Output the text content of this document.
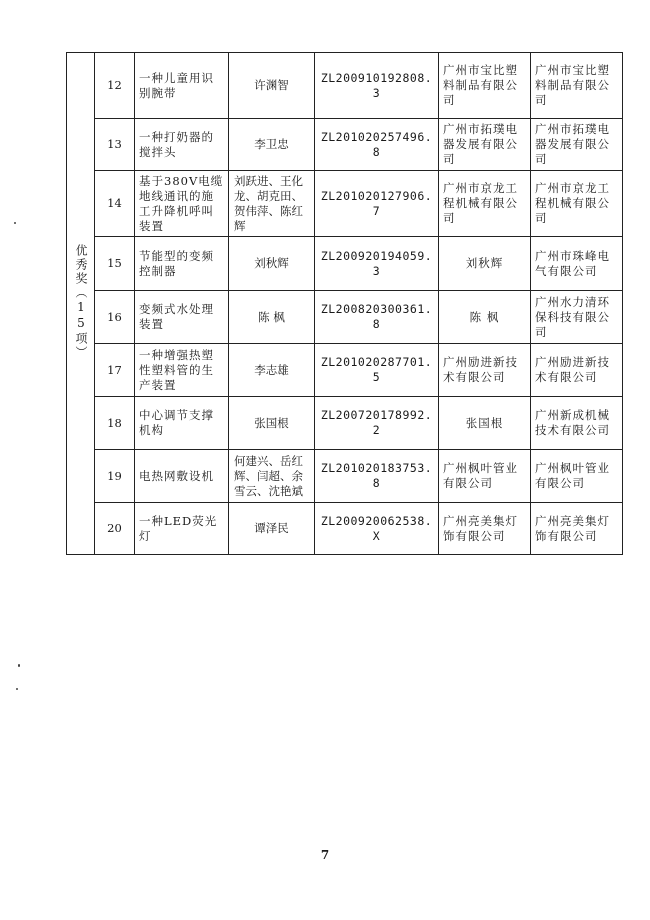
优秀奖（15项）	12	一种儿童用识别腕带	许渊智	ZL200910192808.3	广州市宝比塑料制品有限公司	广州市宝比塑料制品有限公司
	13	一种打奶器的搅拌头	李卫忠	ZL201020257496.8	广州市拓璞电器发展有限公司	广州市拓璞电器发展有限公司
	14	基于380V电缆地线通讯的施工升降机呼叫装置	刘跃进、王化龙、胡克田、贺伟萍、陈红辉	ZL201020127906.7	广州市京龙工程机械有限公司	广州市京龙工程机械有限公司
	15	节能型的变频控制器	刘秋辉	ZL200920194059.3	刘秋辉	广州市珠峰电气有限公司
	16	变频式水处理装置	陈 枫	ZL200820300361.8	陈 枫	广州水力清环保科技有限公司
	17	一种增强热塑性塑料管的生产装置	李志雄	ZL201020287701.5	广州励进新技术有限公司	广州励进新技术有限公司
	18	中心调节支撑机构	张国根	ZL200720178992.2	张国根	广州新成机械技术有限公司
	19	电热网敷设机	何建兴、岳红辉、闫超、余雪云、沈艳斌	ZL201020183753.8	广州枫叶管业有限公司	广州枫叶管业有限公司
	20	一种LED荧光灯	谭泽民	ZL200920062538.X	广州亮美集灯饰有限公司	广州亮美集灯饰有限公司
7
